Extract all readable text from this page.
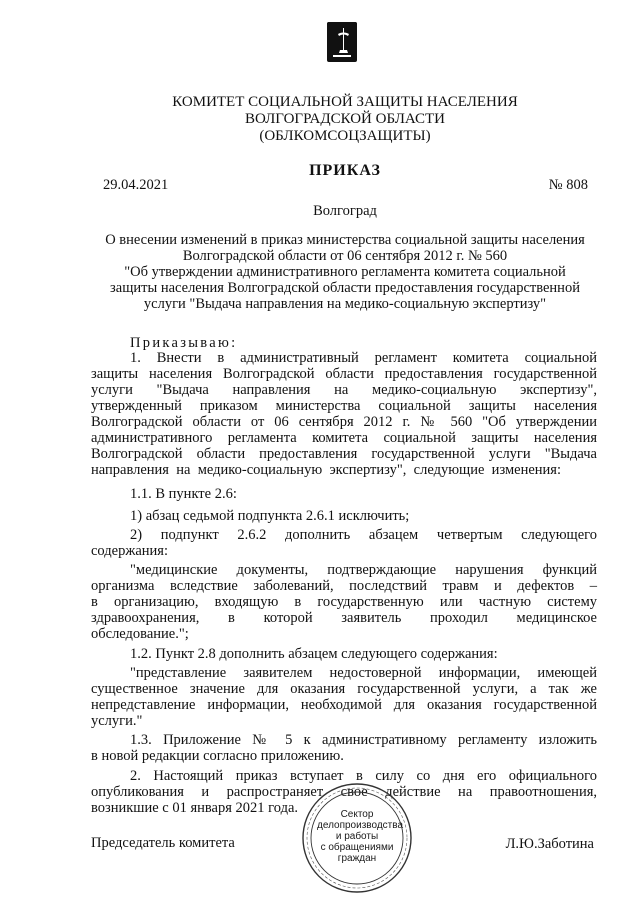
КОМИТЕТ СОЦИАЛЬНОЙ ЗАЩИТЫ НАСЕЛЕНИЯ
ВОЛГОГРАДСКОЙ ОБЛАСТИ
(ОБЛКОМСОЦЗАЩИТЫ)
ПРИКАЗ
29.04.2021	№ 808
Волгоград
О внесении изменений в приказ министерства социальной защиты населения
Волгоградской области от 06 сентября 2012 г. № 560
"Об утверждении административного регламента комитета социальной
защиты населения Волгоградской области предоставления государственной
услуги "Выдача направления на медико-социальную экспертизу"
Приказываю:
1. Внести в административный регламент комитета социальной
защиты населения Волгоградской области предоставления государственной
услуги "Выдача направления на медико-социальную экспертизу",
утвержденный приказом министерства социальной защиты населения
Волгоградской области от 06 сентября 2012 г. № 560 "Об утверждении
административного регламента комитета социальной защиты населения
Волгоградской области предоставления государственной услуги "Выдача
направления на медико-социальную экспертизу", следующие изменения:
1.1. В пункте 2.6:
1) абзац седьмой подпункта 2.6.1 исключить;
2) подпункт 2.6.2 дополнить абзацем четвертым следующего
содержания:
"медицинские документы, подтверждающие нарушения функций
организма вследствие заболеваний, последствий травм и дефектов –
в организацию, входящую в государственную или частную систему
здравоохранения, в которой заявитель проходил медицинское
обследование.";
1.2. Пункт 2.8 дополнить абзацем следующего содержания:
"представление заявителем недостоверной информации, имеющей
существенное значение для оказания государственной услуги, а так же
непредставление информации, необходимой для оказания государственной
услуги."
1.3. Приложение № 5 к административному регламенту изложить
в новой редакции согласно приложению.
2. Настоящий приказ вступает в силу со дня его официального
опубликования и распространяет свое действие на правоотношения,
возникшие с 01 января 2021 года.	Сектор
делопроизводства
и работы
с обращениями
граждан
Председатель комитета	Л.Ю.Заботина
